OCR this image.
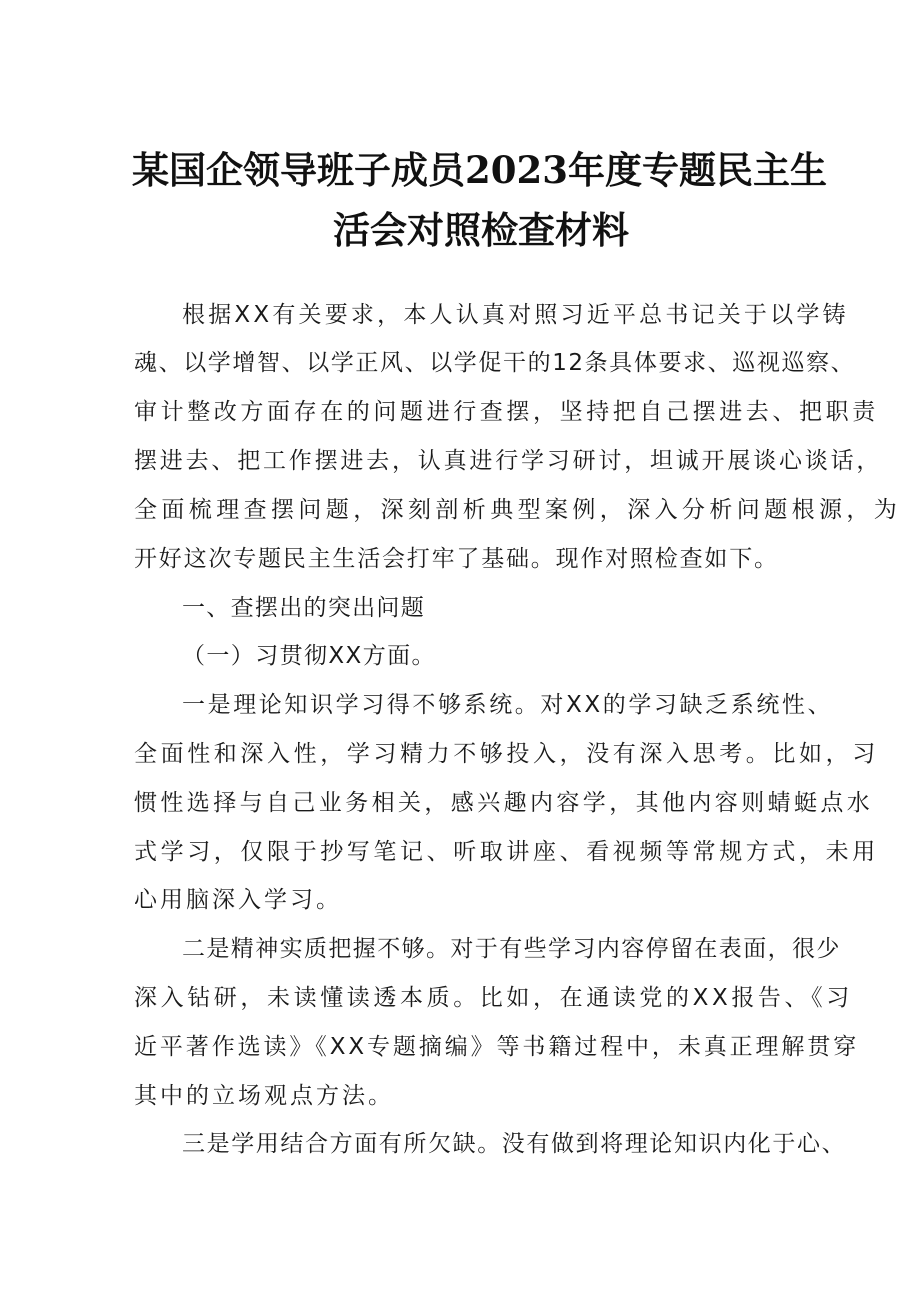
某国企领导班子成员2023年度专题民主生
活会对照检查材料
根据XX有关要求，本人认真对照习近平总书记关于以学铸
魂、以学增智、以学正风、以学促干的12条具体要求、巡视巡察、
审计整改方面存在的问题进行查摆，坚持把自己摆进去、把职责
摆进去、把工作摆进去，认真进行学习研讨，坦诚开展谈心谈话，
全面梳理查摆问题，深刻剖析典型案例，深入分析问题根源，为
开好这次专题民主生活会打牢了基础。现作对照检查如下。
一、查摆出的突出问题
（一）习贯彻XX方面。
一是理论知识学习得不够系统。对XX的学习缺乏系统性、
全面性和深入性，学习精力不够投入，没有深入思考。比如，习
惯性选择与自己业务相关，感兴趣内容学，其他内容则蜻蜓点水
式学习，仅限于抄写笔记、听取讲座、看视频等常规方式，未用
心用脑深入学习。
二是精神实质把握不够。对于有些学习内容停留在表面，很少
深入钻研，未读懂读透本质。比如，在通读党的XX报告、《习
近平著作选读》《XX专题摘编》等书籍过程中，未真正理解贯穿
其中的立场观点方法。
三是学用结合方面有所欠缺。没有做到将理论知识内化于心、
